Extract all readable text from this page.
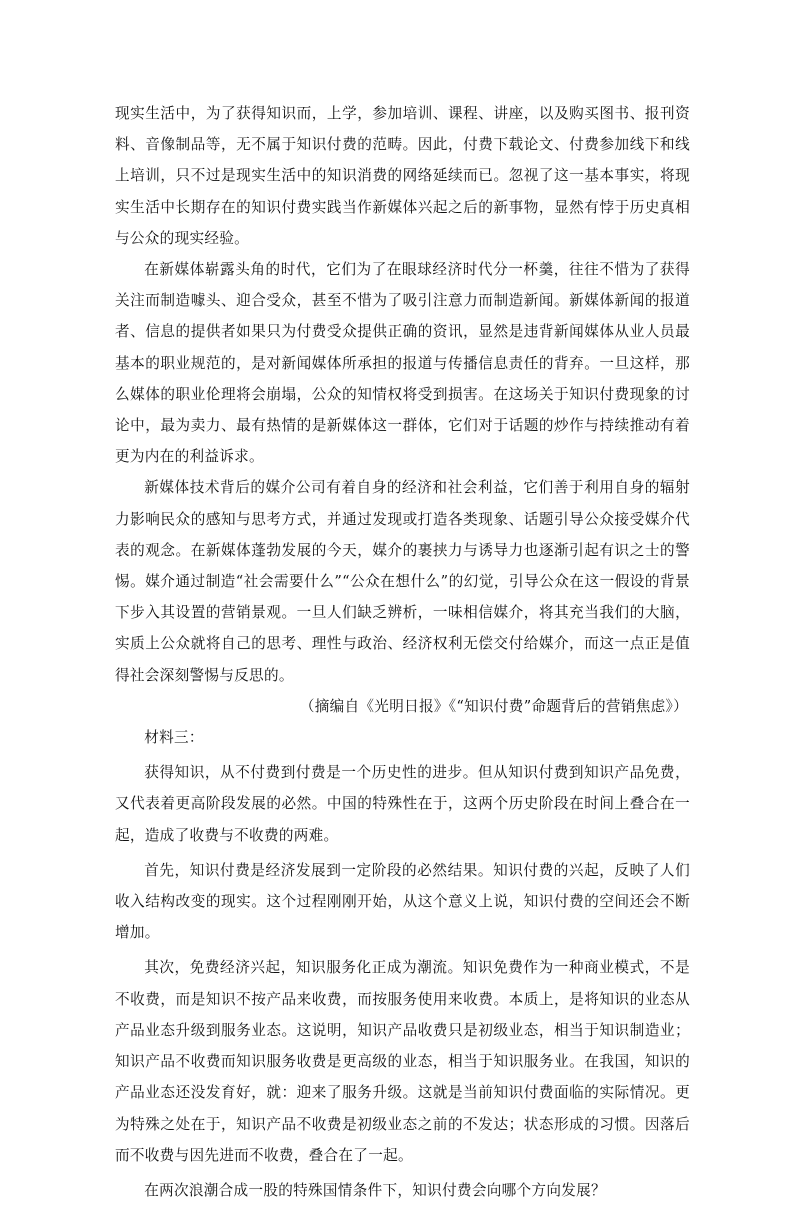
现实生活中，为了获得知识而，上学，参加培训、课程、讲座，以及购买图书、报刊资料、音像制品等，无不属于知识付费的范畴。因此，付费下载论文、付费参加线下和线上培训，只不过是现实生活中的知识消费的网络延续而已。忽视了这一基本事实，将现实生活中长期存在的知识付费实践当作新媒体兴起之后的新事物，显然有悖于历史真相与公众的现实经验。

在新媒体崭露头角的时代，它们为了在眼球经济时代分一杯羹，往往不惜为了获得关注而制造噱头、迎合受众，甚至不惜为了吸引注意力而制造新闻。新媒体新闻的报道者、信息的提供者如果只为付费受众提供正确的资讯，显然是违背新闻媒体从业人员最基本的职业规范的，是对新闻媒体所承担的报道与传播信息责任的背弃。一旦这样，那么媒体的职业伦理将会崩塌，公众的知情权将受到损害。在这场关于知识付费现象的讨论中，最为卖力、最有热情的是新媒体这一群体，它们对于话题的炒作与持续推动有着更为内在的利益诉求。

新媒体技术背后的媒介公司有着自身的经济和社会利益，它们善于利用自身的辐射力影响民众的感知与思考方式，并通过发现或打造各类现象、话题引导公众接受媒介代表的观念。在新媒体蓬勃发展的今天，媒介的裹挟力与诱导力也逐渐引起有识之士的警惕。媒介通过制造“社会需要什么”“公众在想什么”的幻觉，引导公众在这一假设的背景下步入其设置的营销景观。一旦人们缺乏辨析，一味相信媒介，将其充当我们的大脑，实质上公众就将自己的思考、理性与政治、经济权利无偿交付给媒介，而这一点正是值得社会深刻警惕与反思的。

（摘编自《光明日报》《“知识付费”命题背后的营销焦虑》）

材料三：

获得知识，从不付费到付费是一个历史性的进步。但从知识付费到知识产品免费，又代表着更高阶段发展的必然。中国的特殊性在于，这两个历史阶段在时间上叠合在一起，造成了收费与不收费的两难。

首先，知识付费是经济发展到一定阶段的必然结果。知识付费的兴起，反映了人们收入结构改变的现实。这个过程刚刚开始，从这个意义上说，知识付费的空间还会不断增加。

其次，免费经济兴起，知识服务化正成为潮流。知识免费作为一种商业模式，不是不收费，而是知识不按产品来收费，而按服务使用来收费。本质上，是将知识的业态从产品业态升级到服务业态。这说明，知识产品收费只是初级业态，相当于知识制造业；知识产品不收费而知识服务收费是更高级的业态，相当于知识服务业。在我国，知识的产品业态还没发育好，就：迎来了服务升级。这就是当前知识付费面临的实际情况。更为特殊之处在于，知识产品不收费是初级业态之前的不发达；状态形成的习惯。因落后而不收费与因先进而不收费，叠合在了一起。

在两次浪潮合成一股的特殊国情条件下，知识付费会向哪个方向发展？
